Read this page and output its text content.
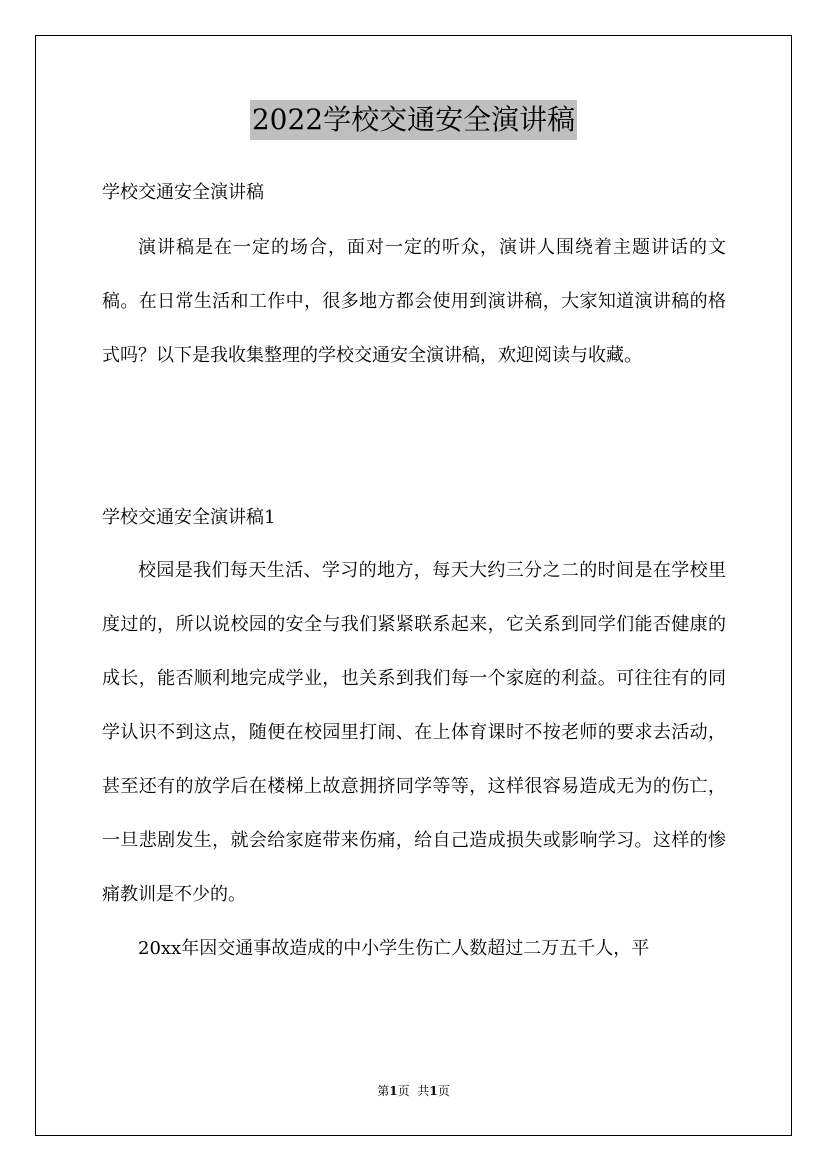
2022学校交通安全演讲稿
学校交通安全演讲稿

演讲稿是在一定的场合，面对一定的听众，演讲人围绕着主题讲话的文稿。在日常生活和工作中，很多地方都会使用到演讲稿，大家知道演讲稿的格式吗？以下是我收集整理的学校交通安全演讲稿，欢迎阅读与收藏。

学校交通安全演讲稿1

校园是我们每天生活、学习的地方，每天大约三分之二的时间是在学校里度过的，所以说校园的安全与我们紧紧联系起来，它关系到同学们能否健康的成长，能否顺利地完成学业，也关系到我们每一个家庭的利益。可往往有的同学认识不到这点，随便在校园里打闹、在上体育课时不按老师的要求去活动，甚至还有的放学后在楼梯上故意拥挤同学等等，这样很容易造成无为的伤亡，一旦悲剧发生，就会给家庭带来伤痛，给自己造成损失或影响学习。这样的惨痛教训是不少的。

20xx年因交通事故造成的中小学生伤亡人数超过二万五千人，平

第1页 共1页
